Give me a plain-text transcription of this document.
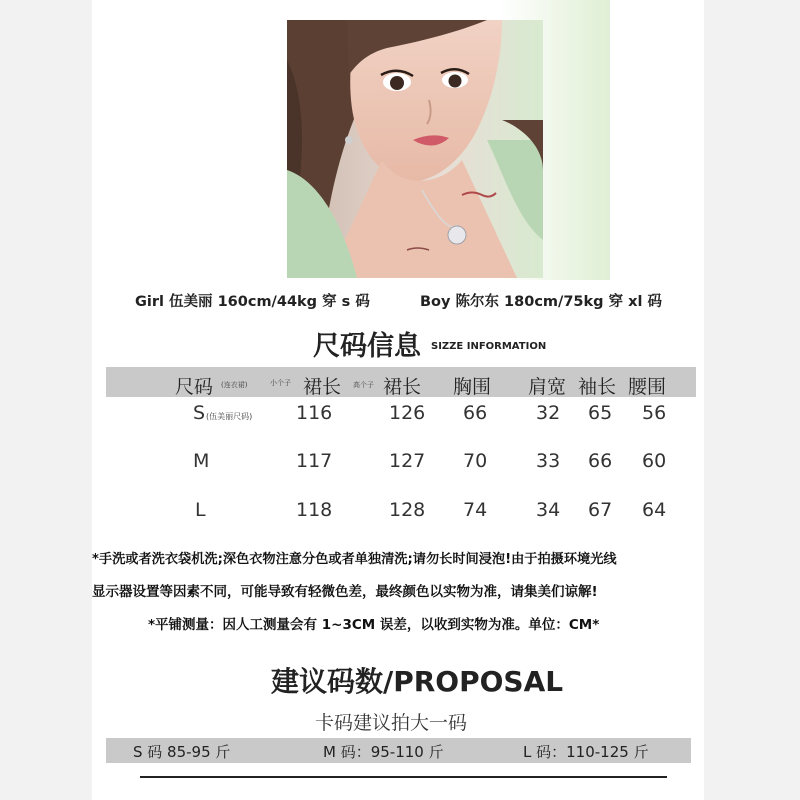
Girl 伍美丽 160cm/44kg 穿 s 码	Boy 陈尔东 180cm/75kg 穿 xl 码
尺码信息 SIZZE INFORMATION
尺码 (连衣裙)	小个子 裙长 高个子 裙长 胸围 肩宽 袖长 腰围
S (伍美丽尺码) 116	126 66	32 65 56
M	117	127 70	33 66 60
L	118	128 74	34 67 64
*手洗或者洗衣袋机洗;深色衣物注意分色或者单独清洗;请勿长时间浸泡!由于拍摄环境光线
显示器设置等因素不同，可能导致有轻微色差，最终颜色以实物为准，请集美们谅解!
*平铺测量：因人工测量会有 1~3CM 误差，以收到实物为准。单位：CM*
建议码数/PROPOSAL
卡码建议拍大一码
S 码 85-95 斤	M 码：95-110 斤	L 码：110-125 斤
